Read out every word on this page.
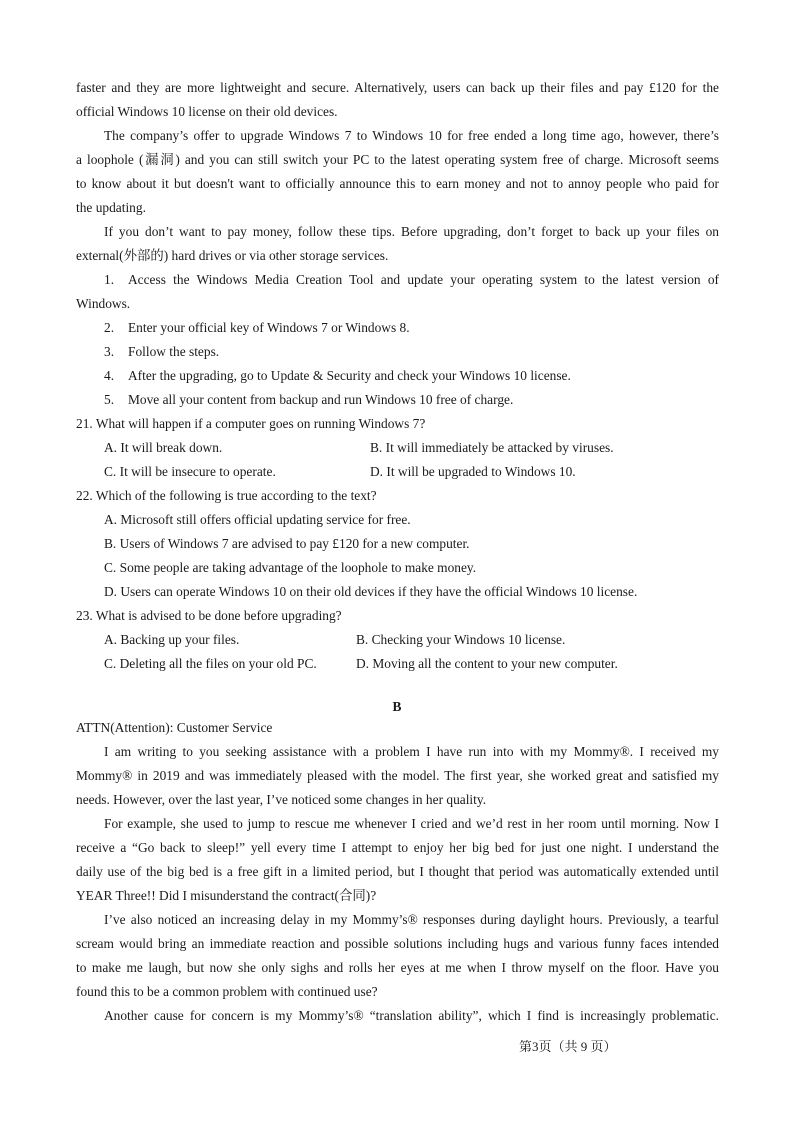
faster and they are more lightweight and secure. Alternatively, users can back up their files and pay £120 for the
official Windows 10 license on their old devices.
The company’s offer to upgrade Windows 7 to Windows 10 for free ended a long time ago, however, there’s
a loophole (漏洞) and you can still switch your PC to the latest operating system free of charge. Microsoft seems
to know about it but doesn't want to officially announce this to earn money and not to annoy people who paid for
the updating.
If you don’t want to pay money, follow these tips. Before upgrading, don’t forget to back up your files on
external(外部的) hard drives or via other storage services.
1. Access the Windows Media Creation Tool and update your operating system to the latest version of
Windows.
2. Enter your official key of Windows 7 or Windows 8.
3. Follow the steps.
4. After the upgrading, go to Update & Security and check your Windows 10 license.
5. Move all your content from backup and run Windows 10 free of charge.
21. What will happen if a computer goes on running Windows 7?
A. It will break down.	B. It will immediately be attacked by viruses.
C. It will be insecure to operate.	D. It will be upgraded to Windows 10.
22. Which of the following is true according to the text?
A. Microsoft still offers official updating service for free.
B. Users of Windows 7 are advised to pay £120 for a new computer.
C. Some people are taking advantage of the loophole to make money.
D. Users can operate Windows 10 on their old devices if they have the official Windows 10 license.
23. What is advised to be done before upgrading?
A. Backing up your files.	B. Checking your Windows 10 license.
C. Deleting all the files on your old PC.	D. Moving all the content to your new computer.
B
ATTN(Attention): Customer Service
I am writing to you seeking assistance with a problem I have run into with my Mommy®. I received my
Mommy® in 2019 and was immediately pleased with the model. The first year, she worked great and satisfied my
needs. However, over the last year, I’ve noticed some changes in her quality.
For example, she used to jump to rescue me whenever I cried and we’d rest in her room until morning. Now I
receive a “Go back to sleep!” yell every time I attempt to enjoy her big bed for just one night. I understand the
daily use of the big bed is a free gift in a limited period, but I thought that period was automatically extended until
YEAR Three!! Did I misunderstand the contract(合同)?
I’ve also noticed an increasing delay in my Mommy’s® responses during daylight hours. Previously, a tearful
scream would bring an immediate reaction and possible solutions including hugs and various funny faces intended
to make me laugh, but now she only sighs and rolls her eyes at me when I throw myself on the floor. Have you
found this to be a common problem with continued use?
Another cause for concern is my Mommy’s® “translation ability”, which I find is increasingly problematic.
第3页（共 9 页）
